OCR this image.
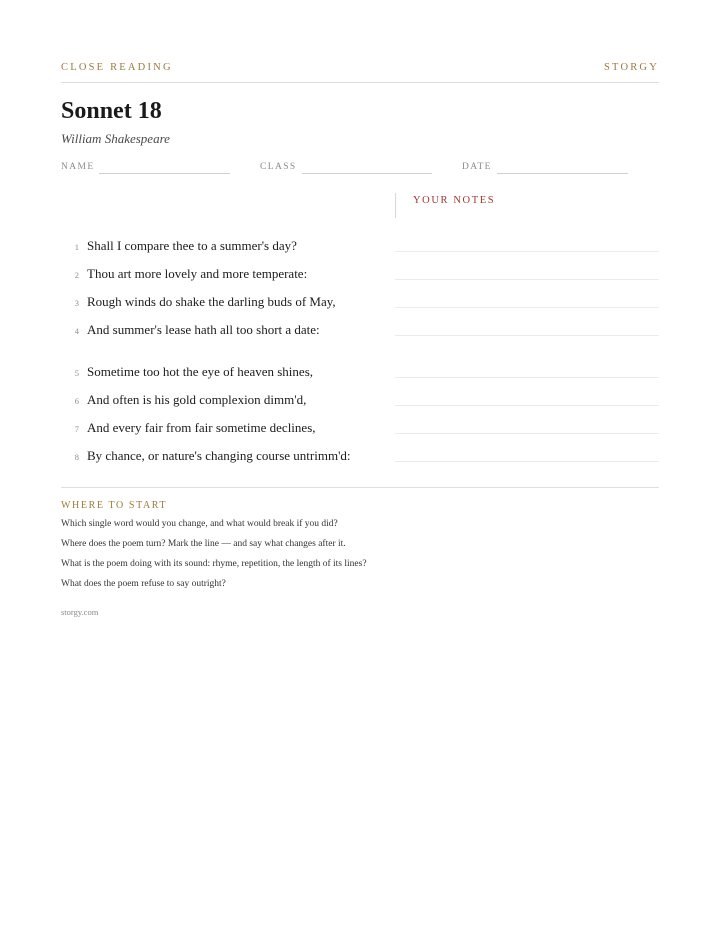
CLOSE READING	STORGY
Sonnet 18
William Shakespeare
NAME	CLASS	DATE
YOUR NOTES
1 Shall I compare thee to a summer's day?
2 Thou art more lovely and more temperate:
3 Rough winds do shake the darling buds of May,
4 And summer's lease hath all too short a date:
5 Sometime too hot the eye of heaven shines,
6 And often is his gold complexion dimm'd,
7 And every fair from fair sometime declines,
8 By chance, or nature's changing course untrimm'd:
WHERE TO START
Which single word would you change, and what would break if you did?
Where does the poem turn? Mark the line — and say what changes after it.
What is the poem doing with its sound: rhyme, repetition, the length of its lines?
What does the poem refuse to say outright?
storgy.com
